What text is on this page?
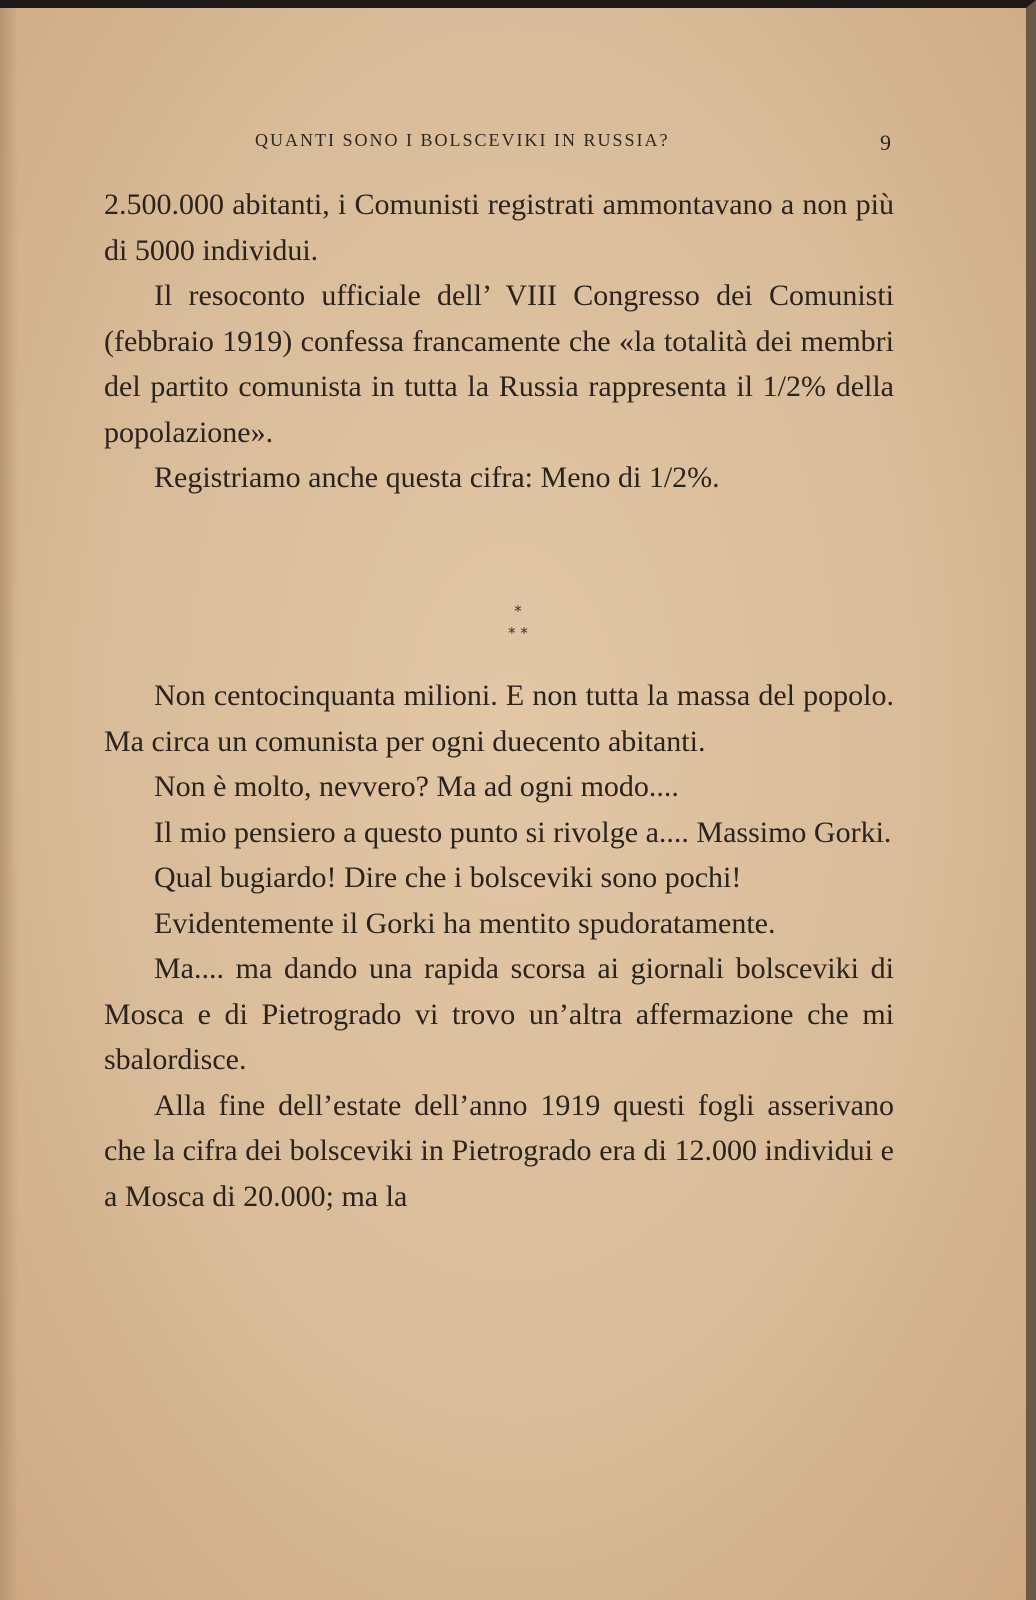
QUANTI SONO I BOLSCEVIKI IN RUSSIA?	9

2.500.000 abitanti, i Comunisti registrati ammontavano a non più di 5000 individui.

Il resoconto ufficiale dell’ VIII Congresso dei Comunisti (febbraio 1919) confessa francamente che «la totalità dei membri del partito comunista in tutta la Russia rappresenta il 1/2% della popolazione».

Registriamo anche questa cifra: Meno di 1/2%.

*
* *

Non centocinquanta milioni. E non tutta la massa del popolo. Ma circa un comunista per ogni duecento abitanti.

Non è molto, nevvero? Ma ad ogni modo....

Il mio pensiero a questo punto si rivolge a.... Massimo Gorki.

Qual bugiardo! Dire che i bolsceviki sono pochi!

Evidentemente il Gorki ha mentito spudoratamente.

Ma.... ma dando una rapida scorsa ai giornali bolsceviki di Mosca e di Pietrogrado vi trovo un’altra affermazione che mi sbalordisce.

Alla fine dell’estate dell’anno 1919 questi fogli asserivano che la cifra dei bolsceviki in Pietrogrado era di 12.000 individui e a Mosca di 20.000; ma la
